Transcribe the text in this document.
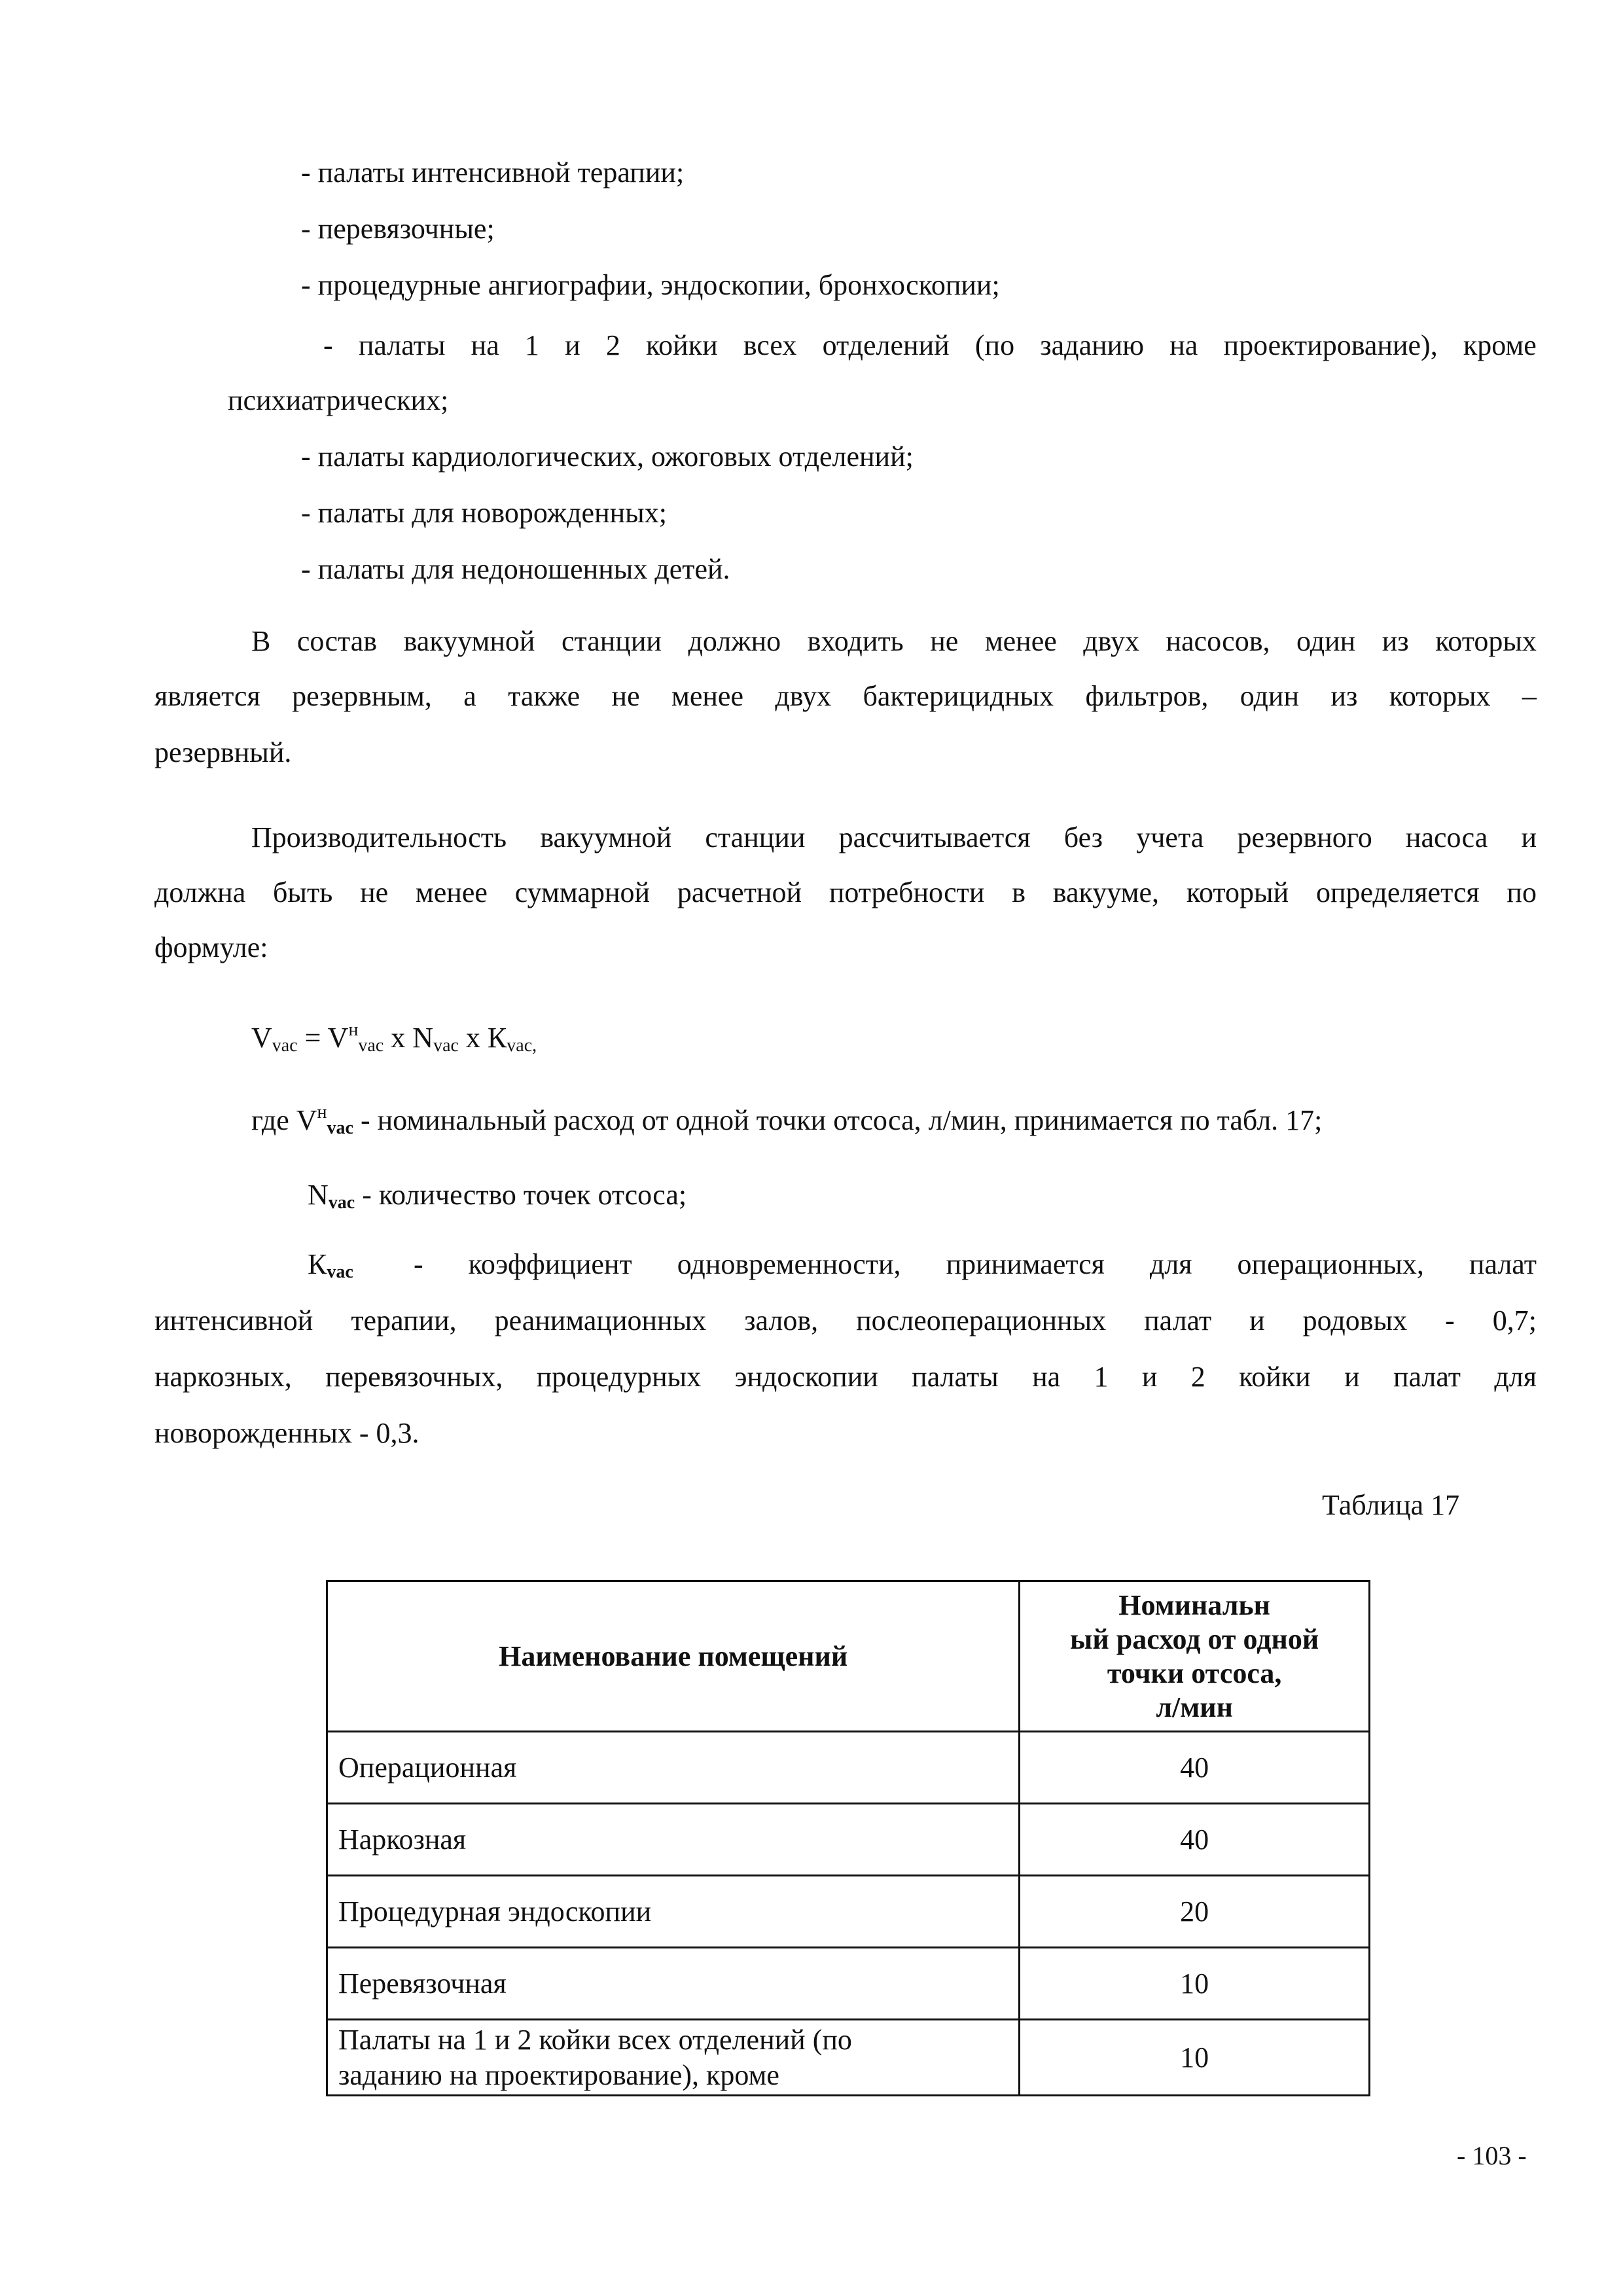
- палаты интенсивной терапии;
- перевязочные;
- процедурные ангиографии, эндоскопии, бронхоскопии;
- палаты на 1 и 2 койки всех отделений (по заданию на проектирование), кроме
психиатрических;
- палаты кардиологических, ожоговых отделений;
- палаты для новорожденных;
- палаты для недоношенных детей.
В состав вакуумной станции должно входить не менее двух насосов, один из которых
является резервным, а также не менее двух бактерицидных фильтров, один из которых –
резервный.
Производительность вакуумной станции рассчитывается без учета резервного насоса и
должна быть не менее суммарной расчетной потребности в вакууме, который определяется по
формуле:
$V_{vac} = V^н_{vac}$ x $N_{vac}$ x $К_{vac,}$
где $V^н_{vac}$ - номинальный расход от одной точки отсоса, л/мин, принимается по табл. 17;
$N_{vac}$ - количество точек отсоса;
$К_{vac}$ - коэффициент одновременности, принимается для операционных, палат
интенсивной терапии, реанимационных залов, послеоперационных палат и родовых - 0,7;
наркозных, перевязочных, процедурных эндоскопии палаты на 1 и 2 койки и палат для
новорожденных - 0,3.
Таблица 17
Наименование помещений	Номинальн
ый расход от одной
точки отсоса,
л/мин

Операционная	40
Наркозная	40
Процедурная эндоскопии	20
Перевязочная	10

Палаты на 1 и 2 койки всех отделений (по
заданию на проектирование), кроме	10
- 103 -
